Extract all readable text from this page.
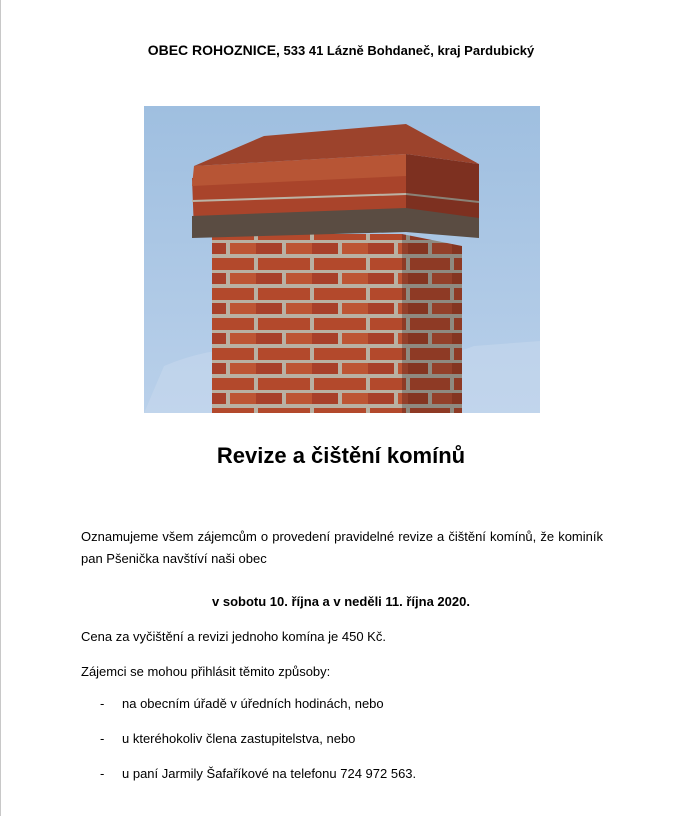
OBEC ROHOZNICE, 533 41 Lázně Bohdaneč, kraj Pardubický
Revize a čištění komínů
Oznamujeme všem zájemcům o provedení pravidelné revize a čištění komínů, že kominík pan Pšenička navštíví naši obec
v sobotu 10. října a v neděli 11. října 2020.
Cena za vyčištění a revizi jednoho komína je 450 Kč.
Zájemci se mohou přihlásit těmito způsoby:
- na obecním úřadě v úředních hodinách, nebo
- u kteréhokoliv člena zastupitelstva, nebo
- u paní Jarmily Šafaříkové na telefonu 724 972 563.
